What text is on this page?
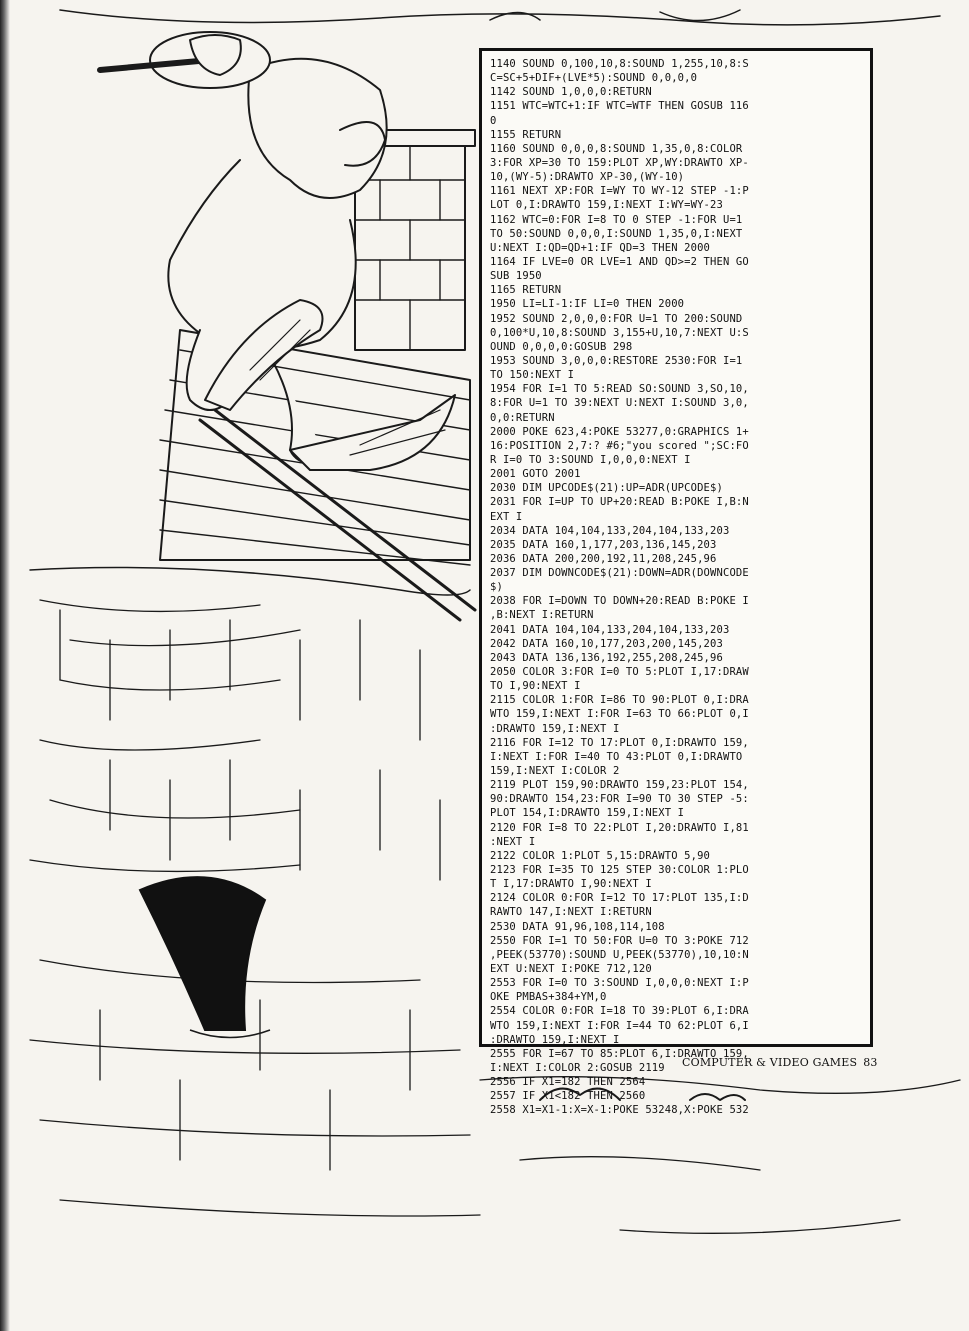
1140 SOUND 0,100,10,8:SOUND 1,255,10,8:S
C=SC+5+DIF+(LVE*5):SOUND 0,0,0,0
1142 SOUND 1,0,0,0:RETURN
1151 WTC=WTC+1:IF WTC=WTF THEN GOSUB 116
0
1155 RETURN
1160 SOUND 0,0,0,8:SOUND 1,35,0,8:COLOR
3:FOR XP=30 TO 159:PLOT XP,WY:DRAWTO XP-
10,(WY-5):DRAWTO XP-30,(WY-10)
1161 NEXT XP:FOR I=WY TO WY-12 STEP -1:P
LOT 0,I:DRAWTO 159,I:NEXT I:WY=WY-23
1162 WTC=0:FOR I=8 TO 0 STEP -1:FOR U=1
TO 50:SOUND 0,0,0,I:SOUND 1,35,0,I:NEXT
U:NEXT I:QD=QD+1:IF QD=3 THEN 2000
1164 IF LVE=0 OR LVE=1 AND QD>=2 THEN GO
SUB 1950
1165 RETURN
1950 LI=LI-1:IF LI=0 THEN 2000
1952 SOUND 2,0,0,0:FOR U=1 TO 200:SOUND
0,100*U,10,8:SOUND 3,155+U,10,7:NEXT U:S
OUND 0,0,0,0:GOSUB 298
1953 SOUND 3,0,0,0:RESTORE 2530:FOR I=1
TO 150:NEXT I
1954 FOR I=1 TO 5:READ SO:SOUND 3,SO,10,
8:FOR U=1 TO 39:NEXT U:NEXT I:SOUND 3,0,
0,0:RETURN
2000 POKE 623,4:POKE 53277,0:GRAPHICS 1+
16:POSITION 2,7:? #6;"you scored ";SC:FO
R I=0 TO 3:SOUND I,0,0,0:NEXT I
2001 GOTO 2001
2030 DIM UPCODE$(21):UP=ADR(UPCODE$)
2031 FOR I=UP TO UP+20:READ B:POKE I,B:N
EXT I
2034 DATA 104,104,133,204,104,133,203
2035 DATA 160,1,177,203,136,145,203
2036 DATA 200,200,192,11,208,245,96
2037 DIM DOWNCODE$(21):DOWN=ADR(DOWNCODE
$)
2038 FOR I=DOWN TO DOWN+20:READ B:POKE I
,B:NEXT I:RETURN
2041 DATA 104,104,133,204,104,133,203
2042 DATA 160,10,177,203,200,145,203
2043 DATA 136,136,192,255,208,245,96
2050 COLOR 3:FOR I=0 TO 5:PLOT I,17:DRAW
TO I,90:NEXT I
2115 COLOR 1:FOR I=86 TO 90:PLOT 0,I:DRA
WTO 159,I:NEXT I:FOR I=63 TO 66:PLOT 0,I
:DRAWTO 159,I:NEXT I
2116 FOR I=12 TO 17:PLOT 0,I:DRAWTO 159,
I:NEXT I:FOR I=40 TO 43:PLOT 0,I:DRAWTO
159,I:NEXT I:COLOR 2
2119 PLOT 159,90:DRAWTO 159,23:PLOT 154,
90:DRAWTO 154,23:FOR I=90 TO 30 STEP -5:
PLOT 154,I:DRAWTO 159,I:NEXT I
2120 FOR I=8 TO 22:PLOT I,20:DRAWTO I,81
:NEXT I
2122 COLOR 1:PLOT 5,15:DRAWTO 5,90
2123 FOR I=35 TO 125 STEP 30:COLOR 1:PLO
T I,17:DRAWTO I,90:NEXT I
2124 COLOR 0:FOR I=12 TO 17:PLOT 135,I:D
RAWTO 147,I:NEXT I:RETURN
2530 DATA 91,96,108,114,108
2550 FOR I=1 TO 50:FOR U=0 TO 3:POKE 712
,PEEK(53770):SOUND U,PEEK(53770),10,10:N
EXT U:NEXT I:POKE 712,120
2553 FOR I=0 TO 3:SOUND I,0,0,0:NEXT I:P
OKE PMBAS+384+YM,0
2554 COLOR 0:FOR I=18 TO 39:PLOT 6,I:DRA
WTO 159,I:NEXT I:FOR I=44 TO 62:PLOT 6,I
:DRAWTO 159,I:NEXT I
2555 FOR I=67 TO 85:PLOT 6,I:DRAWTO 159,
I:NEXT I:COLOR 2:GOSUB 2119
2556 IF X1=182 THEN 2564
2557 IF X1<182 THEN 2560
2558 X1=X1-1:X=X-1:POKE 53248,X:POKE 532
COMPUTER & VIDEO GAMES 83
